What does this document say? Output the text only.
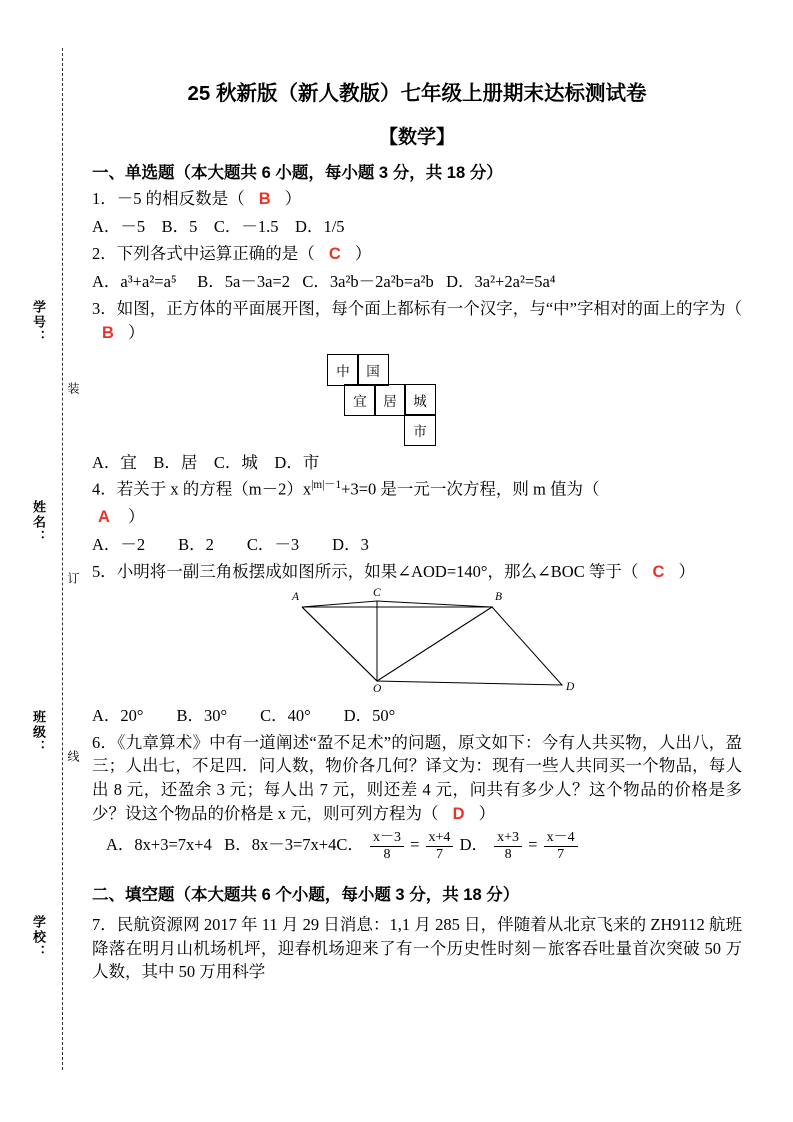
学号：
姓名：
班级：
学校：
装
订
线
25 秋新版（新人教版）七年级上册期末达标测试卷
【数学】
一、单选题（本大题共 6 小题，每小题 3 分，共 18 分）

1．－5 的相反数是（ B ）

A．－5　B．5　C．－1.5　D．1/5

2．下列各式中运算正确的是（ C ）

A．a³+a²=a⁵ B．5a－3a=2 C．3a²b－2a²b=a²b D．3a²+2a²=5a⁴

3．如图，正方体的平面展开图，每个面上都标有一个汉字，与“中”字相对的面上的字为（ B ）

中	国
宜	居	城
市

A．宜　B．居　C．城　D．市

4．若关于 x 的方程$(m-2)x^{|m|-1}+3=0$ 是一元一次方程，则 m 值为（

A ）

A．－2　　B．2　　C．－3　　D．3

5．小明将一副三角板摆成如图所示，如果∠AOD=140°，那么∠BOC 等于（ C ）

A	C	B
O	D

A．20°　　B．30°　　C．40°　　D．50°

6．《九章算术》中有一道阐述“盈不足术”的问题，原文如下：今有人共买物，人出八，盈三；人出七，不足四．问人数，物价各几何？译文为：现有一些人共同买一个物品，每人出 8 元，还盈余 3 元；每人出 7 元，则还差 4 元，问共有多少人？这个物品的价格是多少？设这个物品的价格是 x 元，则可列方程为（ D ）

A．8x+3=7x+4 B．8x－3=7x+4C． $\frac{x-3}{8} = \frac{x+4}{7}$ D． $\frac{x+3}{8} = \frac{x-4}{7}$

二、填空题（本大题共 6 个小题，每小题 3 分，共 18 分）

7．民航资源网 2017 年 11 月 29 日消息：1,1 月 285 日，伴随着从北京飞来的 ZH9112 航班降落在明月山机场机坪，迎春机场迎来了有一个历史性时刻－旅客吞吐量首次突破 50 万人数，其中 50 万用科学
